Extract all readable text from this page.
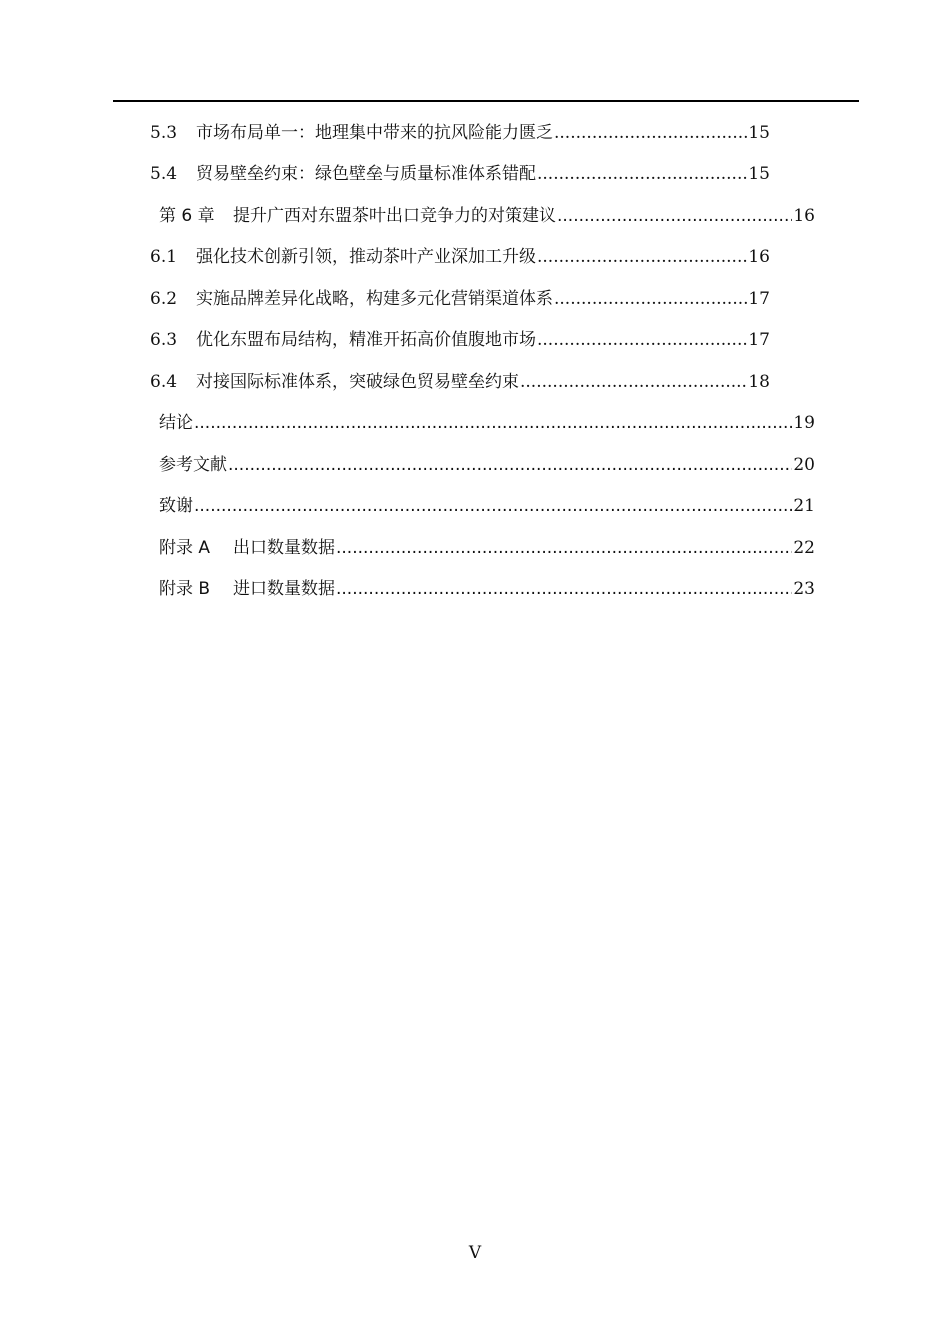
5.3	市场布局单一：地理集中带来的抗风险能力匮乏 .....	15
5.4	贸易壁垒约束：绿色壁垒与质量标准体系错配 .....	15
第 6 章	提升广西对东盟茶叶出口竞争力的对策建议 .....	16
6.1	强化技术创新引领，推动茶叶产业深加工升级 .....	16
6.2	实施品牌差异化战略，构建多元化营销渠道体系 .....	17
6.3	优化东盟布局结构，精准开拓高价值腹地市场 .....	17
6.4	对接国际标准体系，突破绿色贸易壁垒约束 .....	18
结论 .....	19
参考文献 .....	20
致谢 .....	21
附录 A	出口数量数据 .....	22
附录 B	进口数量数据 .....	23
V
